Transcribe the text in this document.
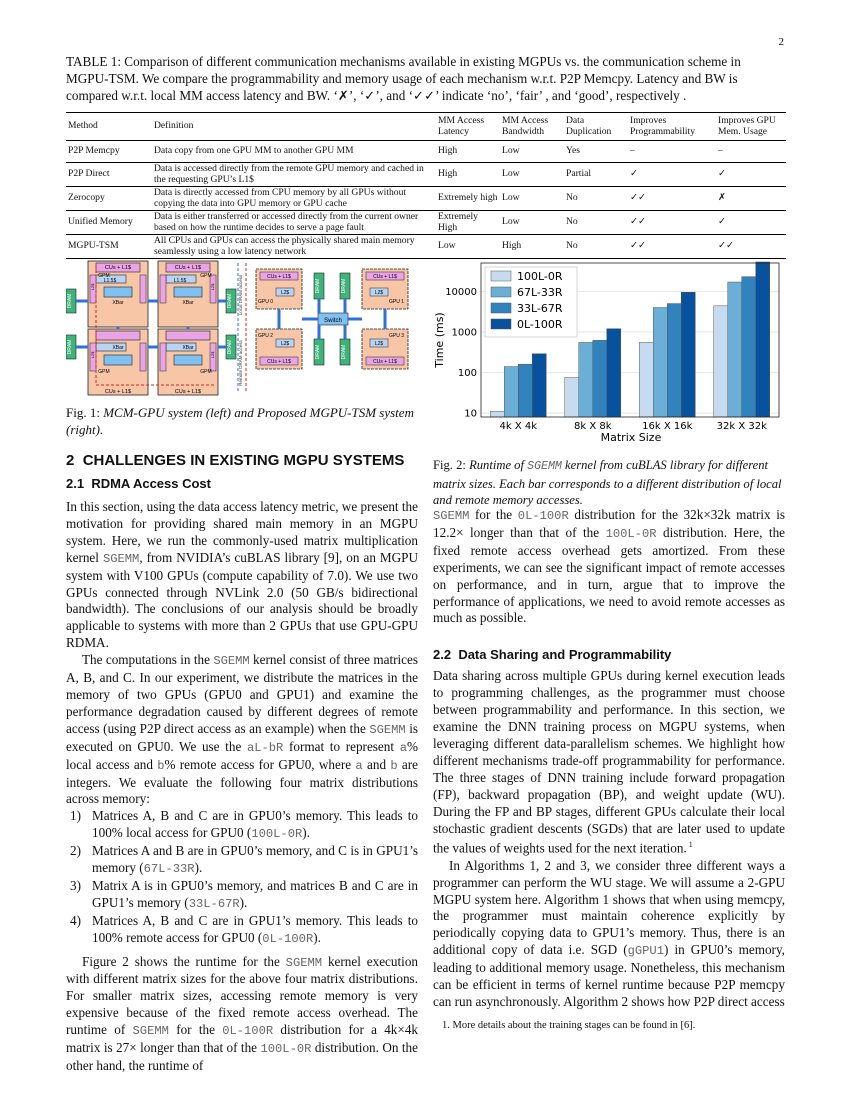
2
TABLE 1: Comparison of different communication mechanisms available in existing MGPUs vs. the communication scheme in MGPU-TSM. We compare the programmability and memory usage of each mechanism w.r.t. P2P Memcpy. Latency and BW is compared w.r.t. local MM access latency and BW. ‘✗’, ‘✓’, and ‘✓✓’ indicate ‘no’, ‘fair’ , and ‘good’, respectively .
Method	Definition	MM Access Latency	MM Access Bandwidth	Data Duplication	Improves Programmability	Improves GPU Mem. Usage
P2P Memcpy	Data copy from one GPU MM to another GPU MM	High	Low	Yes	–	–
P2P Direct	Data is accessed directly from the remote GPU memory and cached in the requesting GPU’s L1$	High	Low	Partial	✓	✓
Zerocopy	Data is directly accessed from CPU memory by all GPUs without copying the data into GPU memory or GPU cache	Extremely high	Low	No	✓✓	✗
Unified Memory	Data is either transferred or accessed directly from the current owner based on how the runtime decides to serve a page fault	Extremely High	Low	No	✓✓	✓
MGPU-TSM	All CPUs and GPUs can access the physically shared main memory seamlessly using a low latency network	Low	High	No	✓✓	✓✓
DRAM
DRAM
DRAM
DRAM
CUs + L1$	CUs + L1$
CUs + L1$	CUs + L1$
L1.5$	L1.5$
XBar	XBar
XBar	XBar
GPM	GPM
GPM	GPM
L2$	L2$
L2$	L2$
Local DRAM access
Remote DRAM access
CUs + L1$	CUs + L1$
CUs + L1$	CUs + L1$
L2$	L2$
L2$	L2$
GPU 0	GPU 1
GPU 2	GPU 3
DRAM	DRAM
DRAM	DRAM
Switch
Fig. 1: MCM-GPU system (left) and Proposed MGPU-TSM system (right).
10
100
1000
10000
4k X 4k	8k X 8k	16k X 16k 32k X 32k
100L-0R
67L-33R
33L-67R
0L-100R
Matrix Size
Time (ms)
Fig. 2: Runtime of SGEMM kernel from cuBLAS library for different matrix sizes. Each bar corresponds to a different distribution of local and remote memory accesses.
2 CHALLENGES IN EXISTING MGPU SYSTEMS
2.1 RDMA Access Cost

In this section, using the data access latency metric, we present the motivation for providing shared main memory in an MGPU system. Here, we run the commonly-used matrix multiplication kernel SGEMM, from NVIDIA’s cuBLAS library [9], on an MGPU system with V100 GPUs (compute capability of 7.0). We use two GPUs connected through NVLink 2.0 (50 GB/s bidirectional bandwidth). The conclusions of our analysis should be broadly applicable to systems with more than 2 GPUs that use GPU-GPU RDMA.

The computations in the SGEMM kernel consist of three matrices A, B, and C. In our experiment, we distribute the matrices in the memory of two GPUs (GPU0 and GPU1) and examine the performance degradation caused by different degrees of remote access (using P2P direct access as an example) when the SGEMM is executed on GPU0. We use the aL-bR format to represent a% local access and b% remote access for GPU0, where a and b are integers. We evaluate the following four matrix distributions across memory:

1) Matrices A, B and C are in GPU0’s memory. This leads to 100% local access for GPU0 (100L-0R).
2) Matrices A and B are in GPU0’s memory, and C is in GPU1’s memory (67L-33R).
3) Matrix A is in GPU0’s memory, and matrices B and C are in GPU1’s memory (33L-67R).
4) Matrices A, B and C are in GPU1’s memory. This leads to 100% remote access for GPU0 (0L-100R).

Figure 2 shows the runtime for the SGEMM kernel execution with different matrix sizes for the above four matrix distributions. For smaller matrix sizes, accessing remote memory is very expensive because of the fixed remote access overhead. The runtime of SGEMM for the 0L-100R distribution for a 4k×4k matrix is 27× longer than that of the 100L-0R distribution. On the other hand, the runtime of

SGEMM for the 0L-100R distribution for the 32k×32k matrix is 12.2× longer than that of the 100L-0R distribution. Here, the fixed remote access overhead gets amortized. From these experiments, we can see the significant impact of remote accesses on performance, and in turn, argue that to improve the performance of applications, we need to avoid remote accesses as much as possible.

2.2 Data Sharing and Programmability

Data sharing across multiple GPUs during kernel execution leads to programming challenges, as the programmer must choose between programmability and performance. In this section, we examine the DNN training process on MGPU systems, when leveraging different data-parallelism schemes. We highlight how different mechanisms trade-off programmability for performance. The three stages of DNN training include forward propagation (FP), backward propagation (BP), and weight update (WU). During the FP and BP stages, different GPUs calculate their local stochastic gradient descents (SGDs) that are later used to update the values of weights used for the next iteration. $^1$

In Algorithms 1, 2 and 3, we consider three different ways a programmer can perform the WU stage. We will assume a 2-GPU MGPU system here. Algorithm 1 shows that when using memcpy, the programmer must maintain coherence explicitly by periodically copying data to GPU1’s memory. Thus, there is an additional copy of data i.e. SGD (gGPU1) in GPU0’s memory, leading to additional memory usage. Nonetheless, this mechanism can be efficient in terms of kernel runtime because P2P memcpy can run asynchronously. Algorithm 2 shows how P2P direct access

1. More details about the training stages can be found in [6].
